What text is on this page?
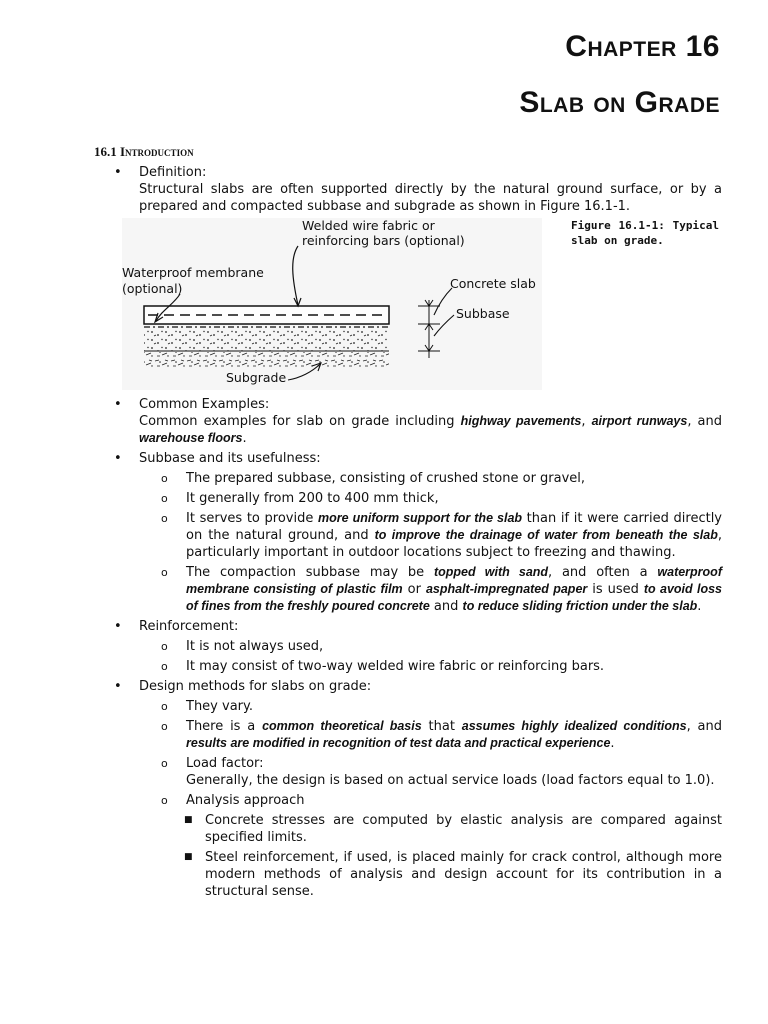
Chapter 16
Slab on Grade
16.1 Introduction
• Definition:
Structural slabs are often supported directly by the natural ground surface, or by a prepared and compacted subbase and subgrade as shown in Figure 16.1-1.
Welded wire fabric or
reinforcing bars (optional)
Waterproof membrane
(optional)	Concrete slab
Subbase
Subgrade
Figure 16.1-1: Typical slab on grade.
• Common Examples:
Common examples for slab on grade including highway pavements, airport runways, and warehouse floors.
• Subbase and its usefulness:
o The prepared subbase, consisting of crushed stone or gravel,
o It generally from 200 to 400 mm thick,
o It serves to provide more uniform support for the slab than if it were carried directly on the natural ground, and to improve the drainage of water from beneath the slab, particularly important in outdoor locations subject to freezing and thawing.
o The compaction subbase may be topped with sand, and often a waterproof membrane consisting of plastic film or asphalt-impregnated paper is used to avoid loss of fines from the freshly poured concrete and to reduce sliding friction under the slab.
• Reinforcement:
o It is not always used,
o It may consist of two-way welded wire fabric or reinforcing bars.
• Design methods for slabs on grade:
o They vary.
o There is a common theoretical basis that assumes highly idealized conditions, and results are modified in recognition of test data and practical experience.
o Load factor:
Generally, the design is based on actual service loads (load factors equal to 1.0).
o Analysis approach
■ Concrete stresses are computed by elastic analysis are compared against specified limits.
■ Steel reinforcement, if used, is placed mainly for crack control, although more modern methods of analysis and design account for its contribution in a structural sense.
